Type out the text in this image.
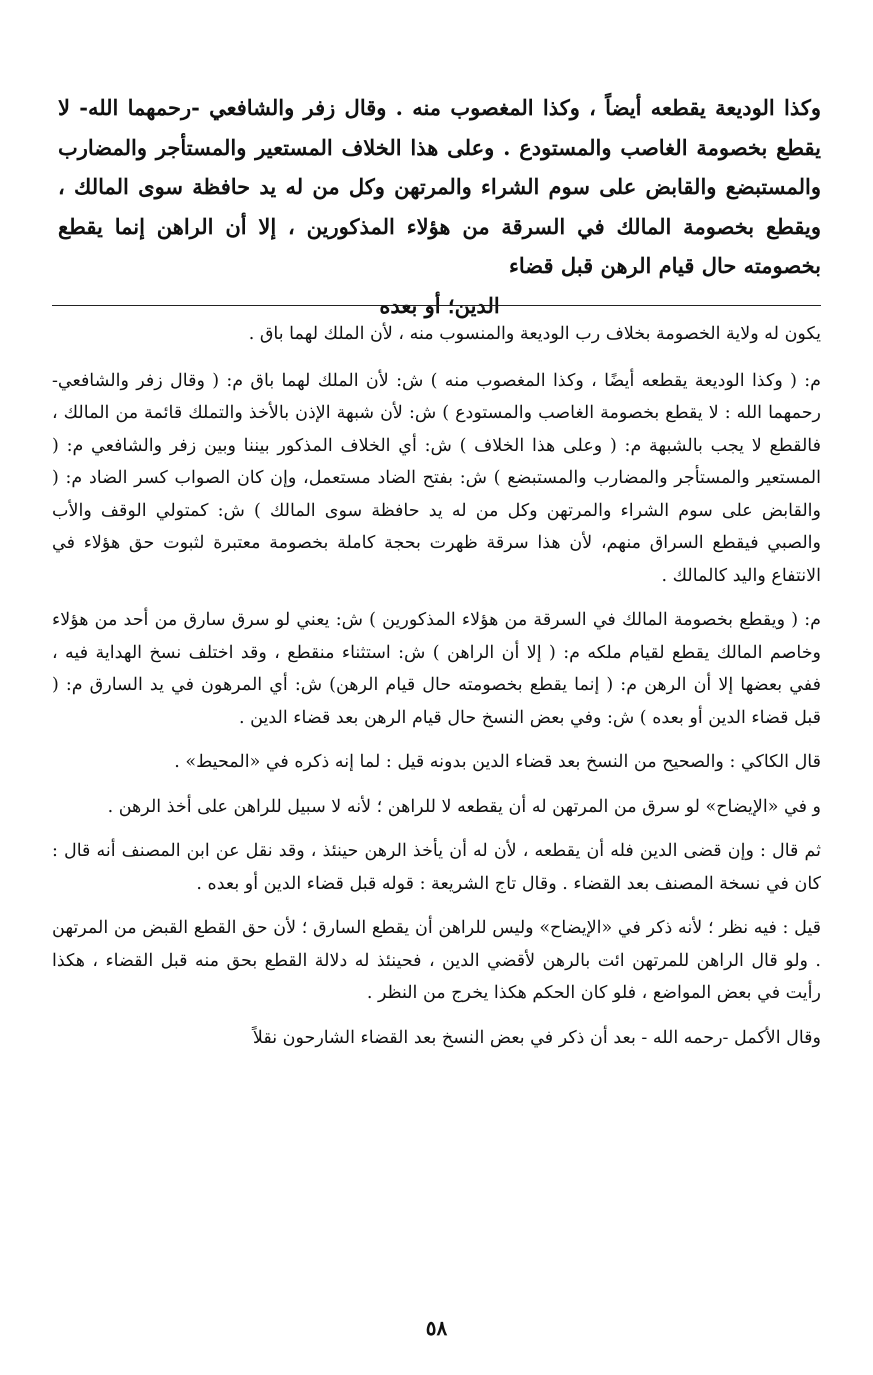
وكذا الوديعة يقطعه أيضاً ، وكذا المغصوب منه . وقال زفر والشافعي -رحمهما الله- لا يقطع بخصومة الغاصب والمستودع . وعلى هذا الخلاف المستعير والمستأجر والمضارب والمستبضع والقابض على سوم الشراء والمرتهن وكل من له يد حافظة سوى المالك ، ويقطع بخصومة المالك في السرقة من هؤلاء المذكورين ، إلا أن الراهن إنما يقطع بخصومته حال قيام الرهن قبل قضاء
الدين؛ أو بعده

يكون له ولاية الخصومة بخلاف رب الوديعة والمنسوب منه ، لأن الملك لهما باق .

م: ( وكذا الوديعة يقطعه أيضًا ، وكذا المغصوب منه ) ش: لأن الملك لهما باق م: ( وقال زفر والشافعي- رحمهما الله : لا يقطع بخصومة الغاصب والمستودع ) ش: لأن شبهة الإذن بالأخذ والتملك قائمة من المالك ، فالقطع لا يجب بالشبهة م: ( وعلى هذا الخلاف ) ش: أي الخلاف المذكور بيننا وبين زفر والشافعي م: ( المستعير والمستأجر والمضارب والمستبضع ) ش: بفتح الضاد مستعمل، وإن كان الصواب كسر الضاد م: ( والقابض على سوم الشراء والمرتهن وكل من له يد حافظة سوى المالك ) ش: كمتولي الوقف والأب والصبي فيقطع السراق منهم، لأن هذا سرقة ظهرت بحجة كاملة بخصومة معتبرة لثبوت حق هؤلاء في الانتفاع واليد كالمالك .

م: ( ويقطع بخصومة المالك في السرقة من هؤلاء المذكورين ) ش: يعني لو سرق سارق من أحد من هؤلاء وخاصم المالك يقطع لقيام ملكه م: ( إلا أن الراهن ) ش: استثناء منقطع ، وقد اختلف نسخ الهداية فيه ، ففي بعضها إلا أن الرهن م: ( إنما يقطع بخصومته حال قيام الرهن) ش: أي المرهون في يد السارق م: ( قبل قضاء الدين أو بعده ) ش: وفي بعض النسخ حال قيام الرهن بعد قضاء الدين .

قال الكاكي : والصحيح من النسخ بعد قضاء الدين بدونه قيل : لما إنه ذكره في «المحيط» .

و في «الإيضاح» لو سرق من المرتهن له أن يقطعه لا للراهن ؛ لأنه لا سبيل للراهن على أخذ الرهن .

ثم قال : وإن قضى الدين فله أن يقطعه ، لأن له أن يأخذ الرهن حينئذ ، وقد نقل عن ابن المصنف أنه قال : كان في نسخة المصنف بعد القضاء . وقال تاج الشريعة : قوله قبل قضاء الدين أو بعده .

قيل : فيه نظر ؛ لأنه ذكر في «الإيضاح» وليس للراهن أن يقطع السارق ؛ لأن حق القطع القبض من المرتهن . ولو قال الراهن للمرتهن ائت بالرهن لأقضي الدين ، فحينئذ له دلالة القطع بحق منه قبل القضاء ، هكذا رأيت في بعض المواضع ، فلو كان الحكم هكذا يخرج من النظر .

وقال الأكمل -رحمه الله - بعد أن ذكر في بعض النسخ بعد القضاء الشارحون نقلاً

٥٨
